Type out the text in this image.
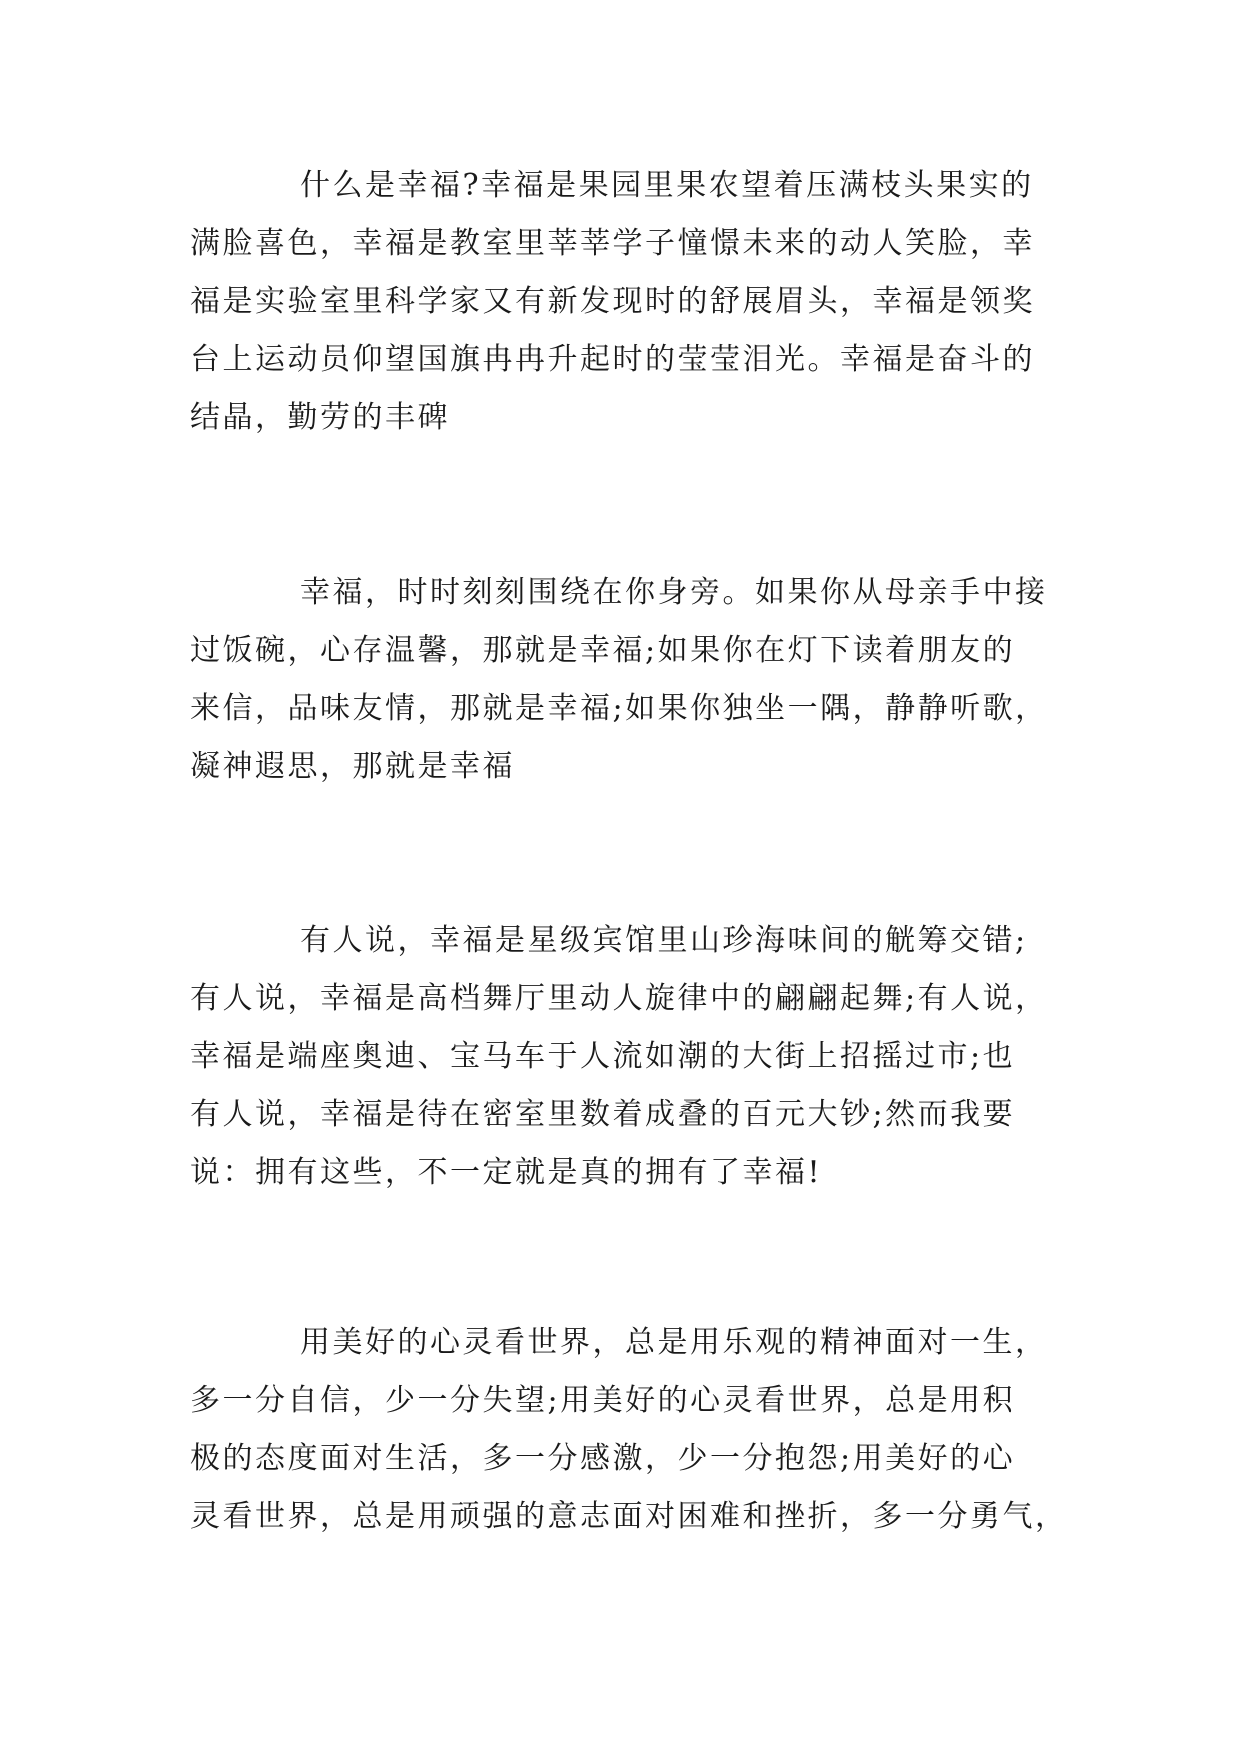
什么是幸福?幸福是果园里果农望着压满枝头果实的
满脸喜色，幸福是教室里莘莘学子憧憬未来的动人笑脸，幸
福是实验室里科学家又有新发现时的舒展眉头，幸福是领奖
台上运动员仰望国旗冉冉升起时的莹莹泪光。幸福是奋斗的
结晶，勤劳的丰碑

幸福，时时刻刻围绕在你身旁。如果你从母亲手中接
过饭碗，心存温馨，那就是幸福;如果你在灯下读着朋友的
来信，品味友情，那就是幸福;如果你独坐一隅，静静听歌，
凝神遐思，那就是幸福

有人说，幸福是星级宾馆里山珍海味间的觥筹交错;
有人说，幸福是高档舞厅里动人旋律中的翩翩起舞;有人说，
幸福是端座奥迪、宝马车于人流如潮的大街上招摇过市;也
有人说，幸福是待在密室里数着成叠的百元大钞;然而我要
说：拥有这些，不一定就是真的拥有了幸福!

用美好的心灵看世界，总是用乐观的精神面对一生，
多一分自信，少一分失望;用美好的心灵看世界，总是用积
极的态度面对生活，多一分感激，少一分抱怨;用美好的心
灵看世界，总是用顽强的意志面对困难和挫折，多一分勇气，
